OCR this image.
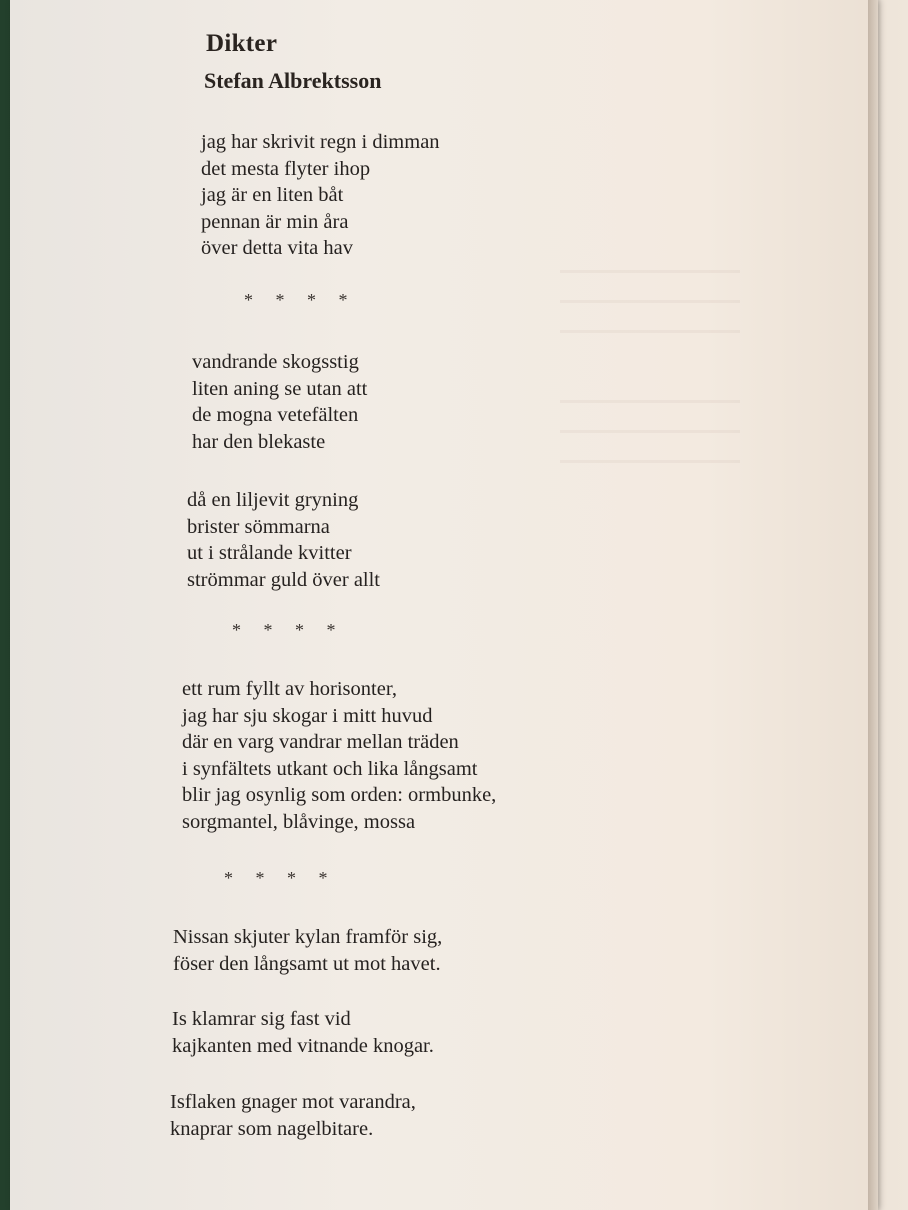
Dikter
Stefan Albrektsson
jag har skrivit regn i dimman
det mesta flyter ihop
jag är en liten båt
pennan är min åra
över detta vita hav
* * * *
vandrande skogsstig
liten aning se utan att
de mogna vetefälten
har den blekaste
då en liljevit gryning
brister sömmarna
ut i strålande kvitter
strömmar guld över allt
* * * *
ett rum fyllt av horisonter,
jag har sju skogar i mitt huvud
där en varg vandrar mellan träden
i synfältets utkant och lika långsamt
blir jag osynlig som orden: ormbunke,
sorgmantel, blåvinge, mossa
* * * *
Nissan skjuter kylan framför sig,
föser den långsamt ut mot havet.
Is klamrar sig fast vid
kajkanten med vitnande knogar.
Isflaken gnager mot varandra,
knaprar som nagelbitare.
